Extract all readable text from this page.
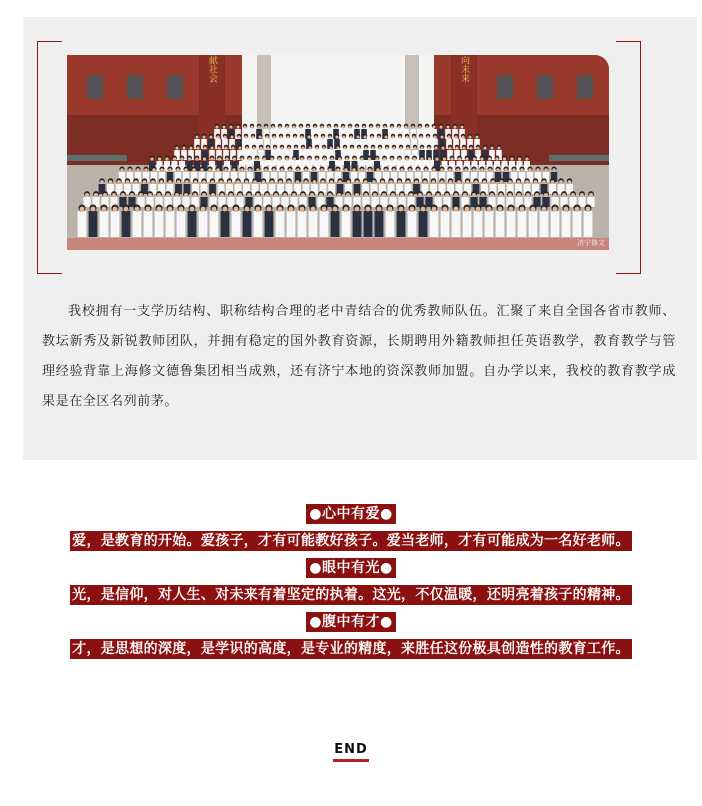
献社会	向未来
济宁修文

我校拥有一支学历结构、职称结构合理的老中青结合的优秀教师队伍。汇聚了来自全国各省市教师、教坛新秀及新锐教师团队，并拥有稳定的国外教育资源，长期聘用外籍教师担任英语教学，教育教学与管理经验背靠上海修文德鲁集团相当成熟，还有济宁本地的资深教师加盟。自办学以来，我校的教育教学成果是在全区名列前茅。

●心中有爱●
爱，是教育的开始。爱孩子，才有可能教好孩子。爱当老师，才有可能成为一名好老师。
●眼中有光●
光，是信仰，对人生、对未来有着坚定的执着。这光，不仅温暖，还明亮着孩子的精神。
●腹中有才●
才，是思想的深度，是学识的高度，是专业的精度，来胜任这份极具创造性的教育工作。
END
